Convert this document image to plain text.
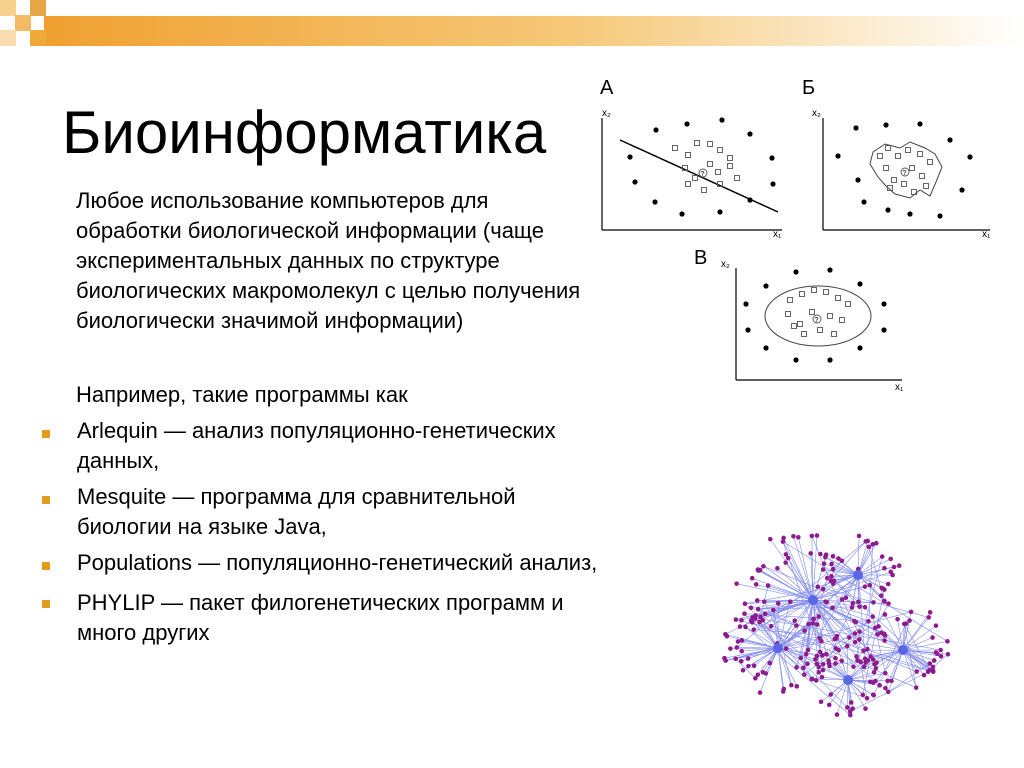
Биоинформатика

Любое использование компьютеров для
обработки биологической информации (чаще
экспериментальных данных по структуре
биологических макромолекул с целью получения
биологически значимой информации)

Например, такие программы как

Arlequin — анализ популяционно-генетических
данных,
Mesquite — программа для сравнительной
биологии на языке Java,
Populations — популяционно-генетический анализ,
PHYLIP — пакет филогенетических программ и
много других
А
x₂
x₁
?
Б
x₂
x₁
?
В x₂
x₁
?
